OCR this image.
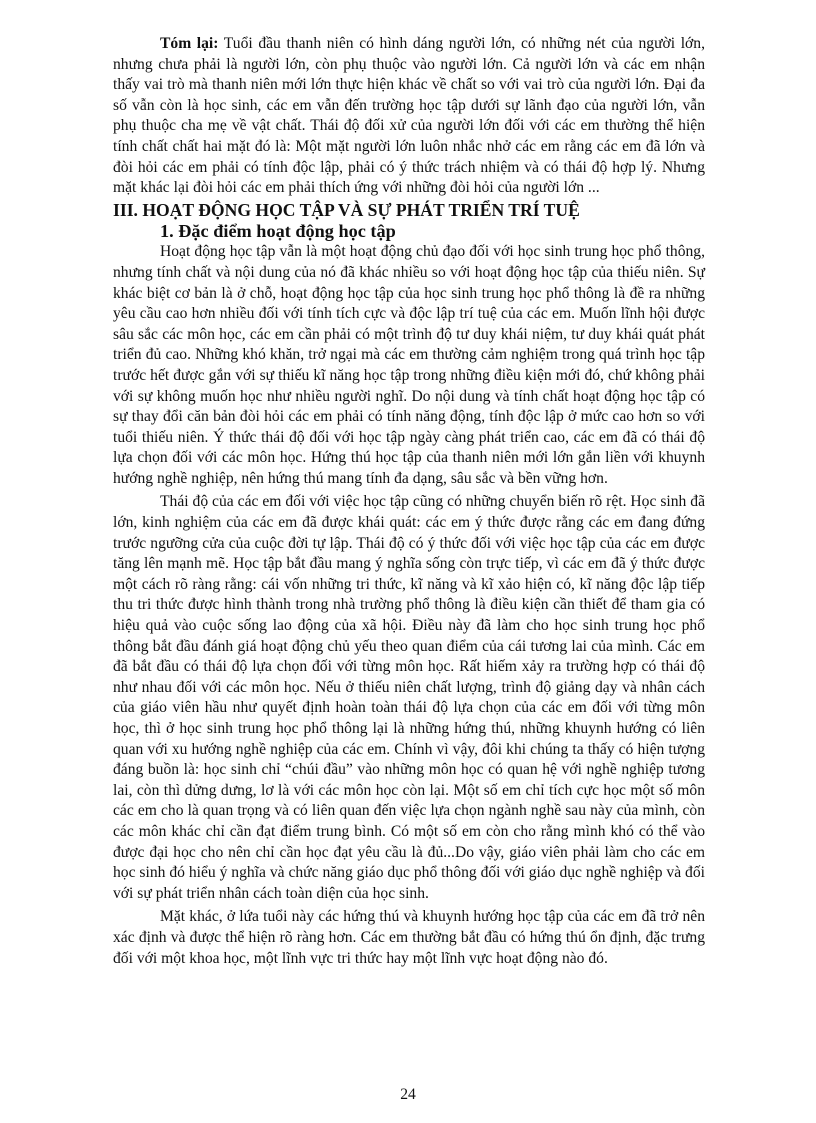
Tóm lại: Tuổi đầu thanh niên có hình dáng người lớn, có những nét của người lớn, nhưng chưa phải là người lớn, còn phụ thuộc vào người lớn. Cả người lớn và các em nhận thấy vai trò mà thanh niên mới lớn thực hiện khác về chất so với vai trò của người lớn. Đại đa số vẫn còn là học sinh, các em vẫn đến trường học tập dưới sự lãnh đạo của người lớn, vẫn phụ thuộc cha mẹ về vật chất. Thái độ đối xử của người lớn đối với các em thường thể hiện tính chất chất hai mặt đó là: Một mặt người lớn luôn nhắc nhở các em rằng các em đã lớn và đòi hỏi các em phải có tính độc lập, phải có ý thức trách nhiệm và có thái độ hợp lý. Nhưng mặt khác lại đòi hỏi các em phải thích ứng với những đòi hỏi của người lớn ...

III. HOẠT ĐỘNG HỌC TẬP VÀ SỰ PHÁT TRIỂN TRÍ TUỆ
1. Đặc điểm hoạt động học tập

Hoạt động học tập vẫn là một hoạt động chủ đạo đối với học sinh trung học phổ thông, nhưng tính chất và nội dung của nó đã khác nhiều so với hoạt động học tập của thiếu niên. Sự khác biệt cơ bản là ở chỗ, hoạt động học tập của học sinh trung học phổ thông là đề ra những yêu cầu cao hơn nhiều đối với tính tích cực và độc lập trí tuệ của các em. Muốn lĩnh hội được sâu sắc các môn học, các em cần phải có một trình độ tư duy khái niệm, tư duy khái quát phát triển đủ cao. Những khó khăn, trở ngại mà các em thường cảm nghiệm trong quá trình học tập trước hết được gắn với sự thiếu kĩ năng học tập trong những điều kiện mới đó, chứ không phải với sự không muốn học như nhiều người nghĩ. Do nội dung và tính chất hoạt động học tập có sự thay đổi căn bản đòi hỏi các em phải có tính năng động, tính độc lập ở mức cao hơn so với tuổi thiếu niên. Ý thức thái độ đối với học tập ngày càng phát triển cao, các em đã có thái độ lựa chọn đối với các môn học. Hứng thú học tập của thanh niên mới lớn gắn liền với khuynh hướng nghề nghiệp, nên hứng thú mang tính đa dạng, sâu sắc và bền vững hơn.

Thái độ của các em đối với việc học tập cũng có những chuyển biến rõ rệt. Học sinh đã lớn, kinh nghiệm của các em đã được khái quát: các em ý thức được rằng các em đang đứng trước ngưỡng cửa của cuộc đời tự lập. Thái độ có ý thức đối với việc học tập của các em được tăng lên mạnh mẽ. Học tập bắt đầu mang ý nghĩa sống còn trực tiếp, vì các em đã ý thức được một cách rõ ràng rằng: cái vốn những tri thức, kĩ năng và kĩ xảo hiện có, kĩ năng độc lập tiếp thu tri thức được hình thành trong nhà trường phổ thông là điều kiện cần thiết để tham gia có hiệu quả vào cuộc sống lao động của xã hội. Điều này đã làm cho học sinh trung học phổ thông bắt đầu đánh giá hoạt động chủ yếu theo quan điểm của cái tương lai của mình. Các em đã bắt đầu có thái độ lựa chọn đối với từng môn học. Rất hiếm xảy ra trường hợp có thái độ như nhau đối với các môn học. Nếu ở thiếu niên chất lượng, trình độ giảng dạy và nhân cách của giáo viên hầu như quyết định hoàn toàn thái độ lựa chọn của các em đối với từng môn học, thì ở học sinh trung học phổ thông lại là những hứng thú, những khuynh hướng có liên quan với xu hướng nghề nghiệp của các em. Chính vì vậy, đôi khi chúng ta thấy có hiện tượng đáng buồn là: học sinh chỉ “chúi đầu” vào những môn học có quan hệ với nghề nghiệp tương lai, còn thì dửng dưng, lơ là với các môn học còn lại. Một số em chỉ tích cực học một số môn các em cho là quan trọng và có liên quan đến việc lựa chọn ngành nghề sau này của mình, còn các môn khác chỉ cần đạt điểm trung bình. Có một số em còn cho rằng mình khó có thể vào được đại học cho nên chỉ cần học đạt yêu cầu là đủ...Do vậy, giáo viên phải làm cho các em học sinh đó hiểu ý nghĩa và chức năng giáo dục phổ thông đối với giáo dục nghề nghiệp và đối với sự phát triển nhân cách toàn diện của học sinh.

Mặt khác, ở lứa tuổi này các hứng thú và khuynh hướng học tập của các em đã trở nên xác định và được thể hiện rõ ràng hơn. Các em thường bắt đầu có hứng thú ổn định, đặc trưng đối với một khoa học, một lĩnh vực tri thức hay một lĩnh vực hoạt động nào đó.

24
